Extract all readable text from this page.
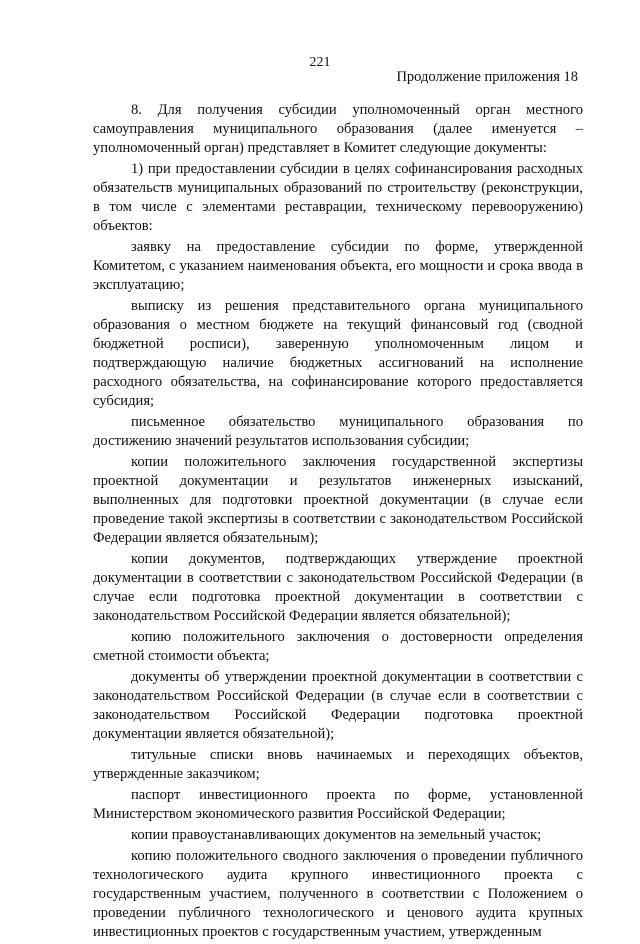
221
Продолжение приложения 18

8. Для получения субсидии уполномоченный орган местного самоуправления муниципального образования (далее именуется – уполномоченный орган) представляет в Комитет следующие документы:

1) при предоставлении субсидии в целях софинансирования расходных обязательств муниципальных образований по строительству (реконструкции, в том числе с элементами реставрации, техническому перевооружению) объектов:

заявку на предоставление субсидии по форме, утвержденной Комитетом, с указанием наименования объекта, его мощности и срока ввода в эксплуатацию;

выписку из решения представительного органа муниципального образования о местном бюджете на текущий финансовый год (сводной бюджетной росписи), заверенную уполномоченным лицом и подтверждающую наличие бюджетных ассигнований на исполнение расходного обязательства, на софинансирование которого предоставляется субсидия;

письменное обязательство муниципального образования по достижению значений результатов использования субсидии;

копии положительного заключения государственной экспертизы проектной документации и результатов инженерных изысканий, выполненных для подготовки проектной документации (в случае если проведение такой экспертизы в соответствии с законодательством Российской Федерации является обязательным);

копии документов, подтверждающих утверждение проектной документации в соответствии с законодательством Российской Федерации (в случае если подготовка проектной документации в соответствии с законодательством Российской Федерации является обязательной);

копию положительного заключения о достоверности определения сметной стоимости объекта;

документы об утверждении проектной документации в соответствии с законодательством Российской Федерации (в случае если в соответствии с законодательством Российской Федерации подготовка проектной документации является обязательной);

титульные списки вновь начинаемых и переходящих объектов, утвержденные заказчиком;

паспорт инвестиционного проекта по форме, установленной Министерством экономического развития Российской Федерации;

копии правоустанавливающих документов на земельный участок;

копию положительного сводного заключения о проведении публичного технологического аудита крупного инвестиционного проекта с государственным участием, полученного в соответствии с Положением о проведении публичного технологического и ценового аудита крупных инвестиционных проектов с государственным участием, утвержденным
